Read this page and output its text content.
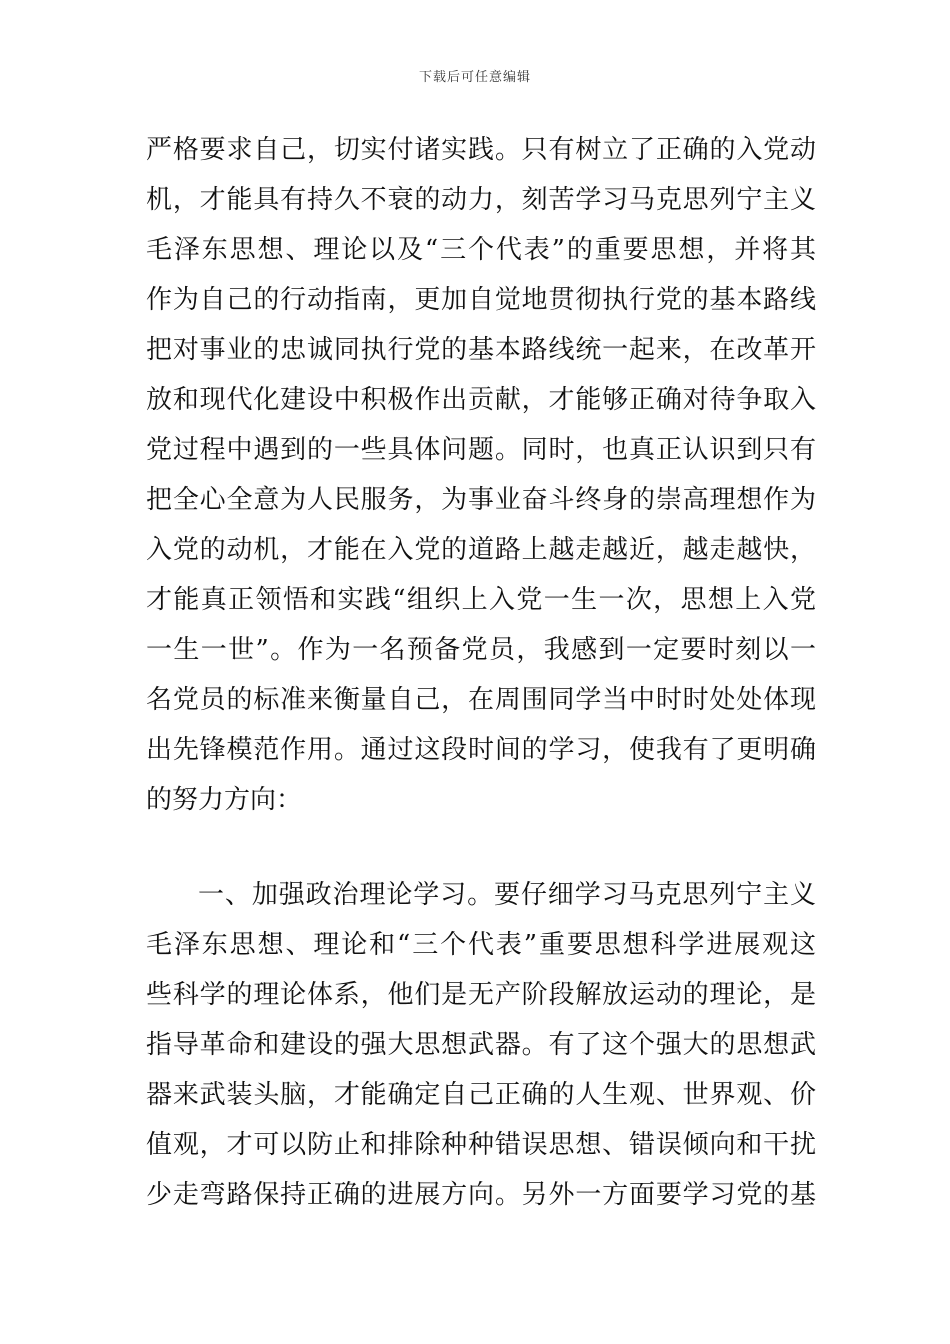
下载后可任意编辑
严格要求自己，切实付诸实践。只有树立了正确的入党动
机，才能具有持久不衰的动力，刻苦学习马克思列宁主义
毛泽东思想、理论以及“三个代表”的重要思想，并将其
作为自己的行动指南，更加自觉地贯彻执行党的基本路线
把对事业的忠诚同执行党的基本路线统一起来，在改革开
放和现代化建设中积极作出贡献，才能够正确对待争取入
党过程中遇到的一些具体问题。同时，也真正认识到只有
把全心全意为人民服务，为事业奋斗终身的崇高理想作为
入党的动机，才能在入党的道路上越走越近，越走越快，
才能真正领悟和实践“组织上入党一生一次，思想上入党
一生一世”。作为一名预备党员，我感到一定要时刻以一
名党员的标准来衡量自己，在周围同学当中时时处处体现
出先锋模范作用。通过这段时间的学习，使我有了更明确
的努力方向：
一、加强政治理论学习。要仔细学习马克思列宁主义
毛泽东思想、理论和“三个代表”重要思想科学进展观这
些科学的理论体系，他们是无产阶段解放运动的理论，是
指导革命和建设的强大思想武器。有了这个强大的思想武
器来武装头脑，才能确定自己正确的人生观、世界观、价
值观，才可以防止和排除种种错误思想、错误倾向和干扰
少走弯路保持正确的进展方向。另外一方面要学习党的基
